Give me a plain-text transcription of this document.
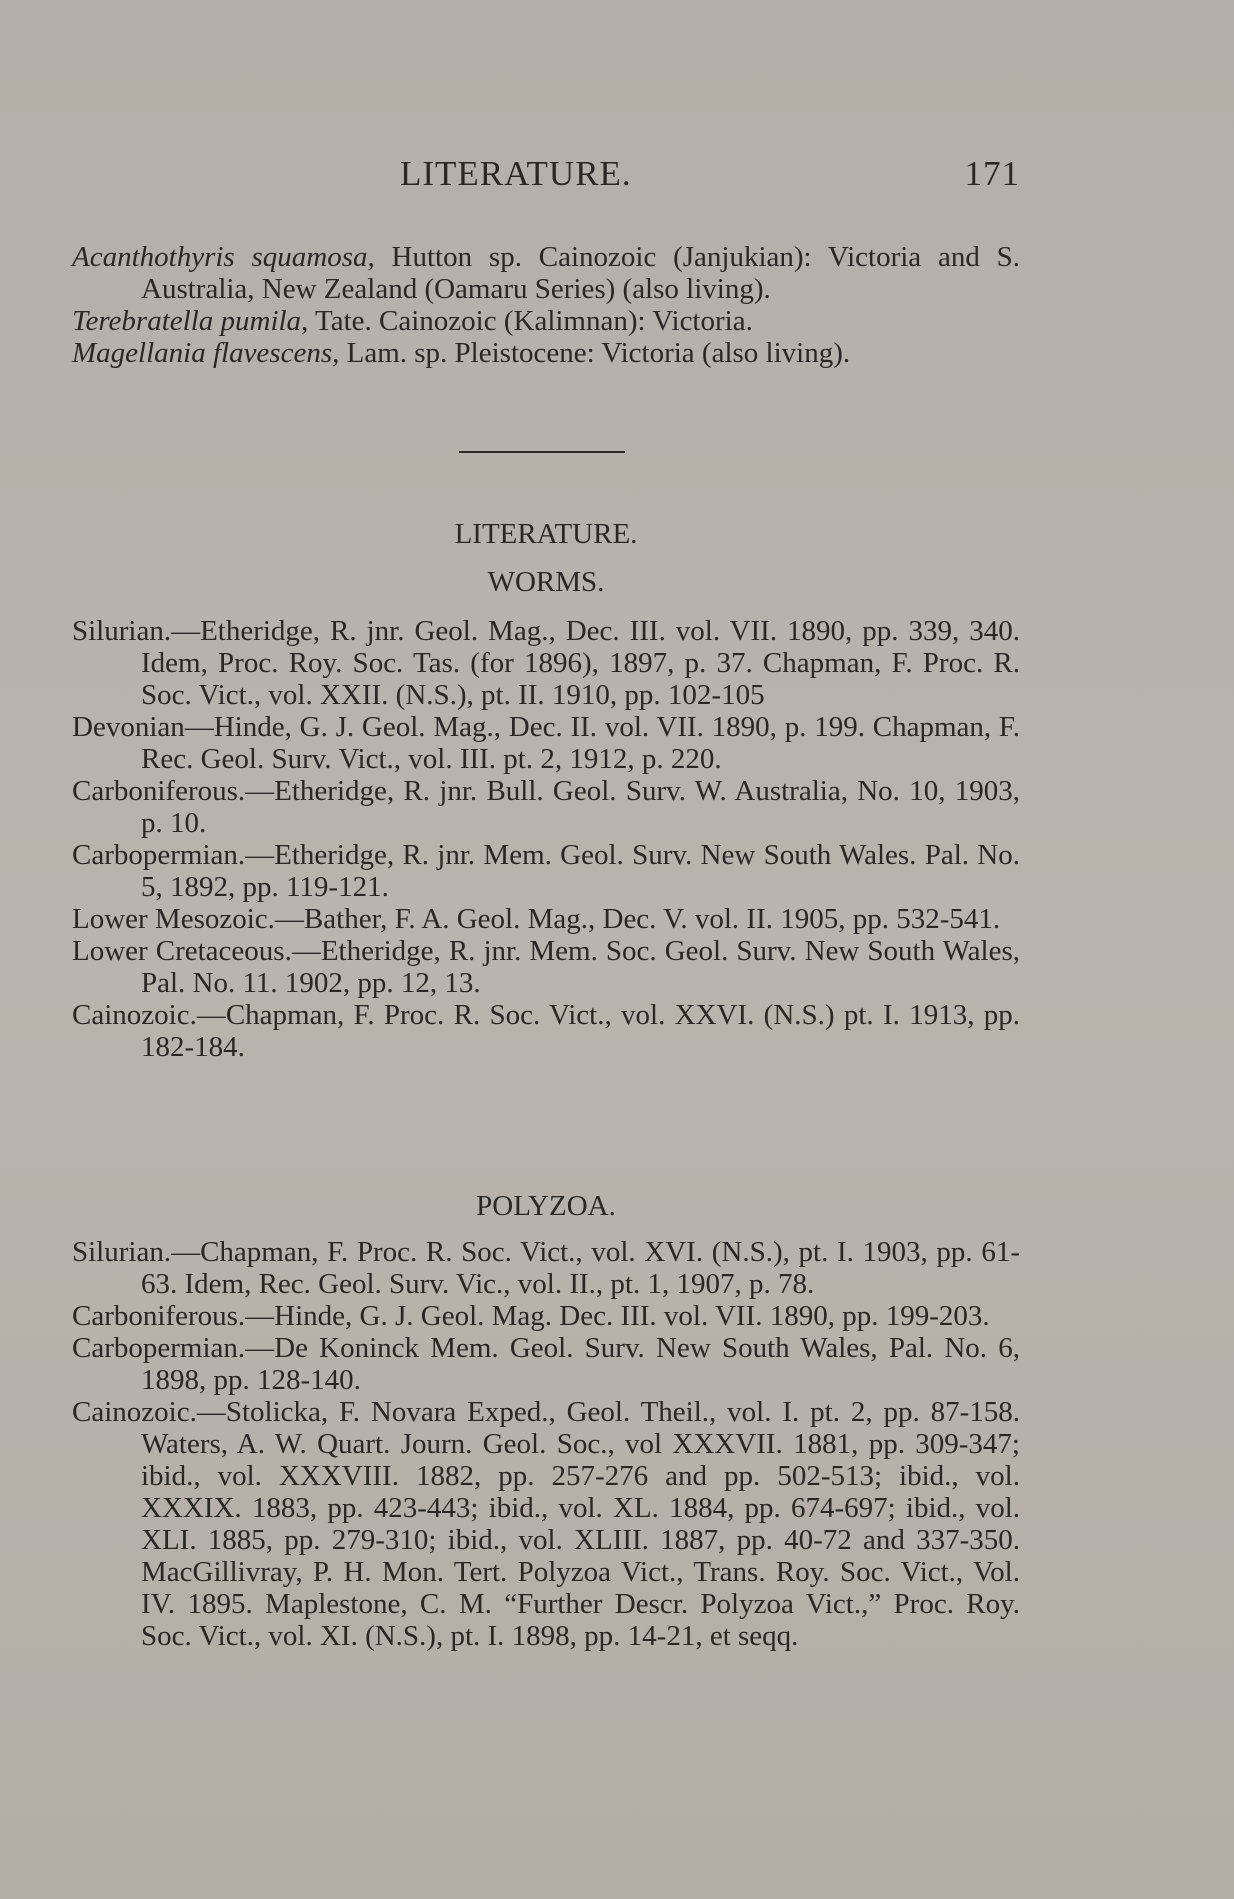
LITERATURE.	171
Acanthothyris squamosa, Hutton sp. Cainozoic (Janjukian): Victoria and S. Australia, New Zealand (Oamaru Series) (also living).
Terebratella pumila, Tate. Cainozoic (Kalimnan): Victoria.
Magellania flavescens, Lam. sp. Pleistocene: Victoria (also living).
LITERATURE.
WORMS.
Silurian.—Etheridge, R. jnr. Geol. Mag., Dec. III. vol. VII. 1890, pp. 339, 340. Idem, Proc. Roy. Soc. Tas. (for 1896), 1897, p. 37. Chapman, F. Proc. R. Soc. Vict., vol. XXII. (N.S.), pt. II. 1910, pp. 102-105
Devonian—Hinde, G. J. Geol. Mag., Dec. II. vol. VII. 1890, p. 199. Chapman, F. Rec. Geol. Surv. Vict., vol. III. pt. 2, 1912, p. 220.
Carboniferous.—Etheridge, R. jnr. Bull. Geol. Surv. W. Australia, No. 10, 1903, p. 10.
Carbopermian.—Etheridge, R. jnr. Mem. Geol. Surv. New South Wales. Pal. No. 5, 1892, pp. 119-121.
Lower Mesozoic.—Bather, F. A. Geol. Mag., Dec. V. vol. II. 1905, pp. 532-541.
Lower Cretaceous.—Etheridge, R. jnr. Mem. Soc. Geol. Surv. New South Wales, Pal. No. 11. 1902, pp. 12, 13.
Cainozoic.—Chapman, F. Proc. R. Soc. Vict., vol. XXVI. (N.S.) pt. I. 1913, pp. 182-184.
POLYZOA.
Silurian.—Chapman, F. Proc. R. Soc. Vict., vol. XVI. (N.S.), pt. I. 1903, pp. 61-63. Idem, Rec. Geol. Surv. Vic., vol. II., pt. 1, 1907, p. 78.
Carboniferous.—Hinde, G. J. Geol. Mag. Dec. III. vol. VII. 1890, pp. 199-203.
Carbopermian.—De Koninck Mem. Geol. Surv. New South Wales, Pal. No. 6, 1898, pp. 128-140.
Cainozoic.—Stolicka, F. Novara Exped., Geol. Theil., vol. I. pt. 2, pp. 87-158. Waters, A. W. Quart. Journ. Geol. Soc., vol XXXVII. 1881, pp. 309-347; ibid., vol. XXXVIII. 1882, pp. 257-276 and pp. 502-513; ibid., vol. XXXIX. 1883, pp. 423-443; ibid., vol. XL. 1884, pp. 674-697; ibid., vol. XLI. 1885, pp. 279-310; ibid., vol. XLIII. 1887, pp. 40-72 and 337-350. MacGillivray, P. H. Mon. Tert. Polyzoa Vict., Trans. Roy. Soc. Vict., Vol. IV. 1895. Maplestone, C. M. “Further Descr. Polyzoa Vict.,” Proc. Roy. Soc. Vict., vol. XI. (N.S.), pt. I. 1898, pp. 14-21, et seqq.
